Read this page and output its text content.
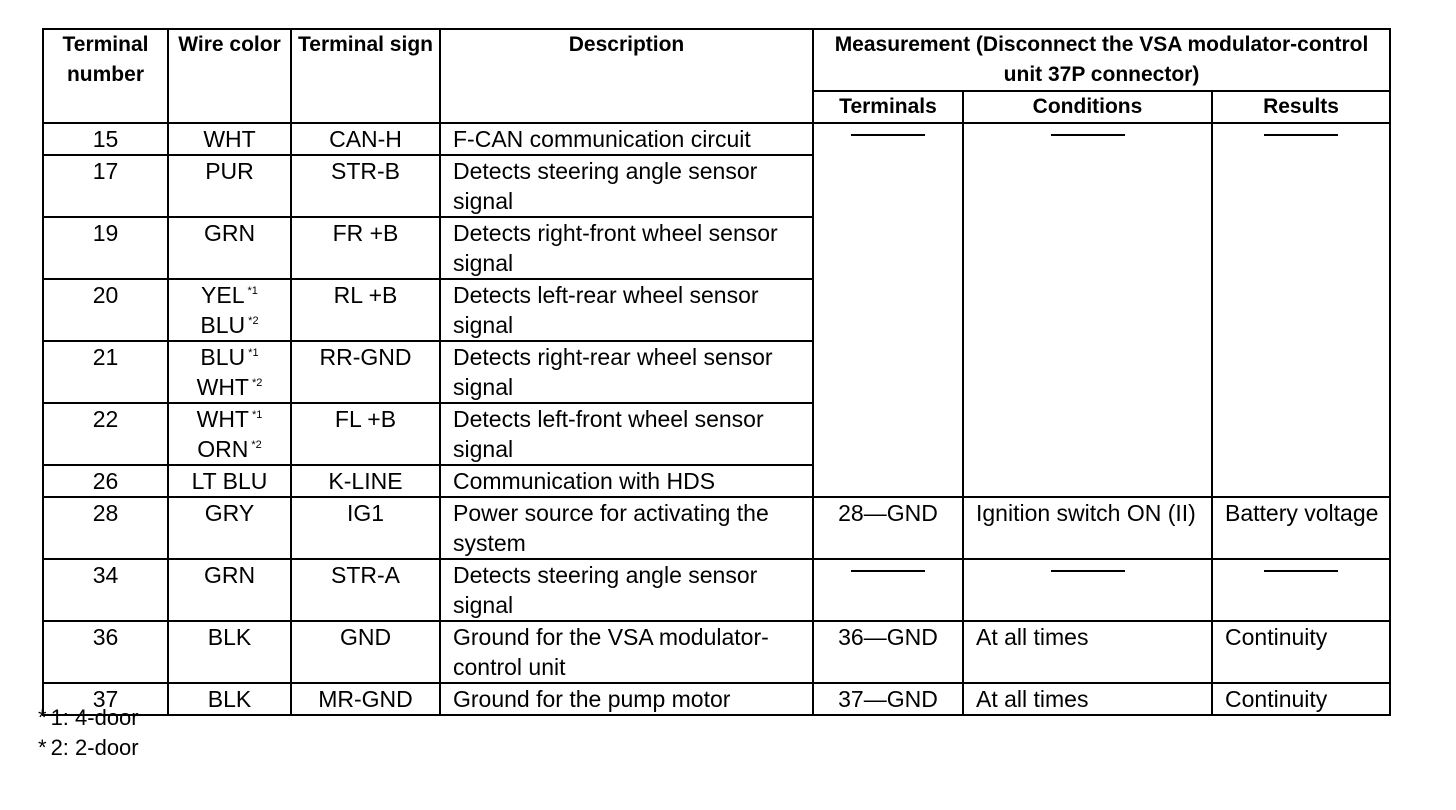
Terminal number	Wire color	Terminal sign	Description	Measurement (Disconnect the VSA modulator-control unit 37P connector)		
				Terminals	Conditions	Results
15	WHT	CAN-H	F-CAN communication circuit	

17	PUR	STR-B	Detects steering angle sensor signal			
19	GRN	FR +B	Detects right-front wheel sensor signal			
20	YEL $^{*1}$
BLU $^{*2}$	RL +B	Detects left-rear wheel sensor signal			
21	BLU $^{*1}$
WHT $^{*2}$	RR-GND	Detects right-rear wheel sensor signal			
22	WHT $^{*1}$
ORN $^{*2}$	FL +B	Detects left-front wheel sensor signal			
26	LT BLU	K-LINE	Communication with HDS			
28	GRY	IG1	Power source for activating the system	28—GND	Ignition switch ON (II)	Battery voltage
34	GRN	STR-A	Detects steering angle sensor signal	

36	BLK	GND	Ground for the VSA modulator-control unit	36—GND	At all times	Continuity
37	BLK	MR-GND	Ground for the pump motor	37—GND	At all times	Continuity
* 1: 4-door
* 2: 2-door
